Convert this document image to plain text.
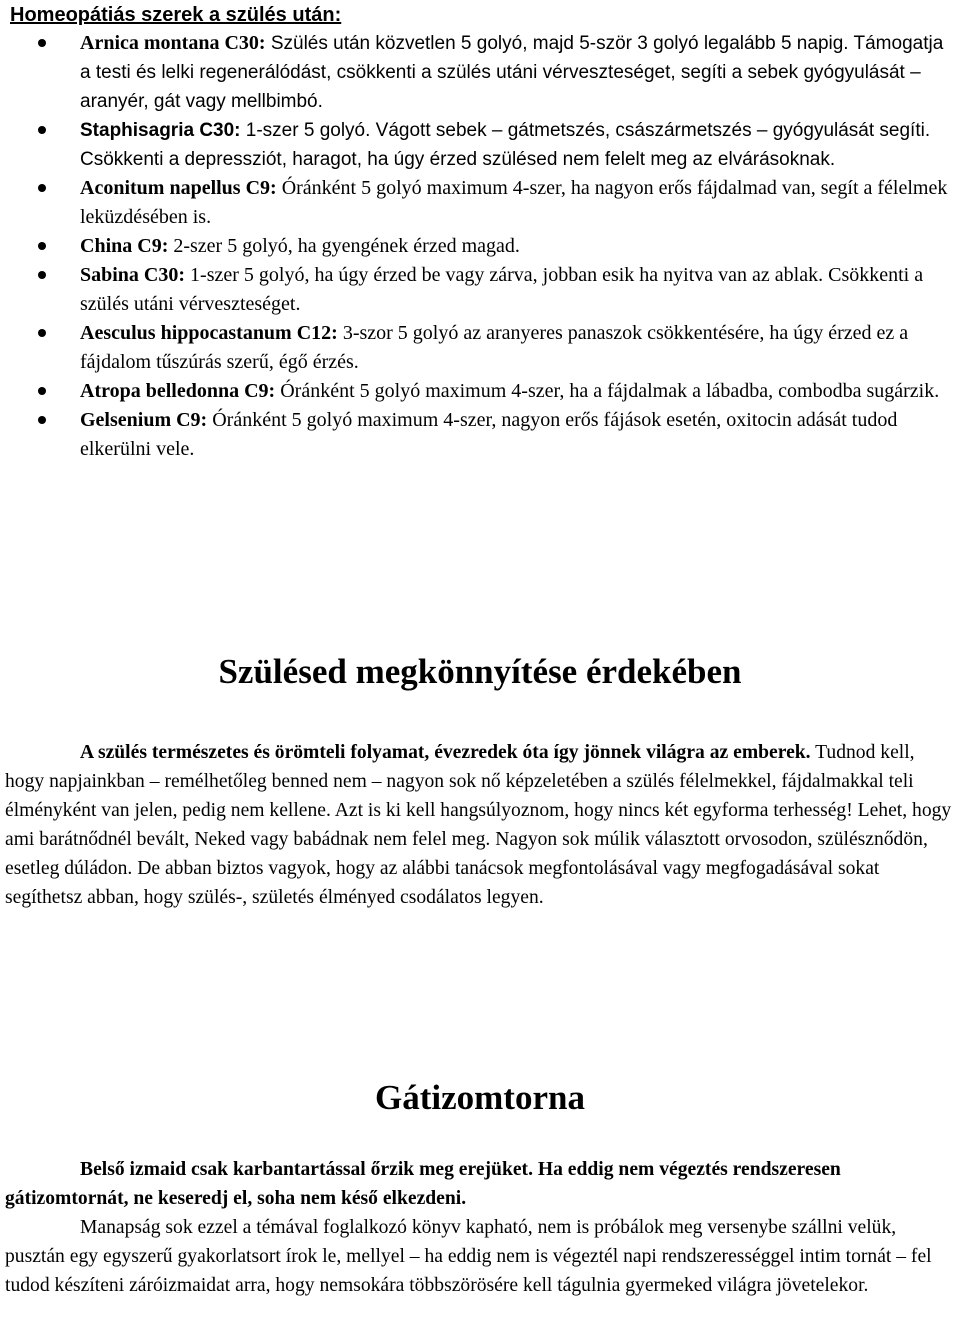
Homeopátiás szerek a szülés után:
Arnica montana C30: Szülés után közvetlen 5 golyó, majd 5-ször 3 golyó legalább 5 napig. Támogatja a testi és lelki regenerálódást, csökkenti a szülés utáni vérveszteséget, segíti a sebek gyógyulását – aranyér, gát vagy mellbimbó.
Staphisagria C30: 1-szer 5 golyó. Vágott sebek – gátmetszés, császármetszés – gyógyulását segíti. Csökkenti a depressziót, haragot, ha úgy érzed szülésed nem felelt meg az elvárásoknak.
Aconitum napellus C9: Óránként 5 golyó maximum 4-szer, ha nagyon erős fájdalmad van, segít a félelmek leküzdésében is.
China C9: 2-szer 5 golyó, ha gyengének érzed magad.
Sabina C30: 1-szer 5 golyó, ha úgy érzed be vagy zárva, jobban esik ha nyitva van az ablak. Csökkenti a szülés utáni vérveszteséget.
Aesculus hippocastanum C12: 3-szor 5 golyó az aranyeres panaszok csökkentésére, ha úgy érzed ez a fájdalom tűszúrás szerű, égő érzés.
Atropa belledonna C9: Óránként 5 golyó maximum 4-szer, ha a fájdalmak a lábadba, combodba sugárzik.
Gelsenium C9: Óránként 5 golyó maximum 4-szer, nagyon erős fájások esetén, oxitocin adását tudod elkerülni vele.
Szülésed megkönnyítése érdekében
A szülés természetes és örömteli folyamat, évezredek óta így jönnek világra az emberek. Tudnod kell, hogy napjainkban – remélhetőleg benned nem – nagyon sok nő képzeletében a szülés félelmekkel, fájdalmakkal teli élményként van jelen, pedig nem kellene. Azt is ki kell hangsúlyoznom, hogy nincs két egyforma terhesség! Lehet, hogy ami barátnődnél bevált, Neked vagy babádnak nem felel meg. Nagyon sok múlik választott orvosodon, szülésznődön, esetleg dúládon. De abban biztos vagyok, hogy az alábbi tanácsok megfontolásával vagy megfogadásával sokat segíthetsz abban, hogy szülés-, születés élményed csodálatos legyen.
Gátizomtorna
Belső izmaid csak karbantartással őrzik meg erejüket. Ha eddig nem végeztés rendszeresen gátizomtornát, ne keseredj el, soha nem késő elkezdeni.
Manapság sok ezzel a témával foglalkozó könyv kapható, nem is próbálok meg versenybe szállni velük, pusztán egy egyszerű gyakorlatsort írok le, mellyel – ha eddig nem is végeztél napi rendszerességgel intim tornát – fel tudod készíteni záróizmaidat arra, hogy nemsokára többszörösére kell tágulnia gyermeked világra jövetelekor.
